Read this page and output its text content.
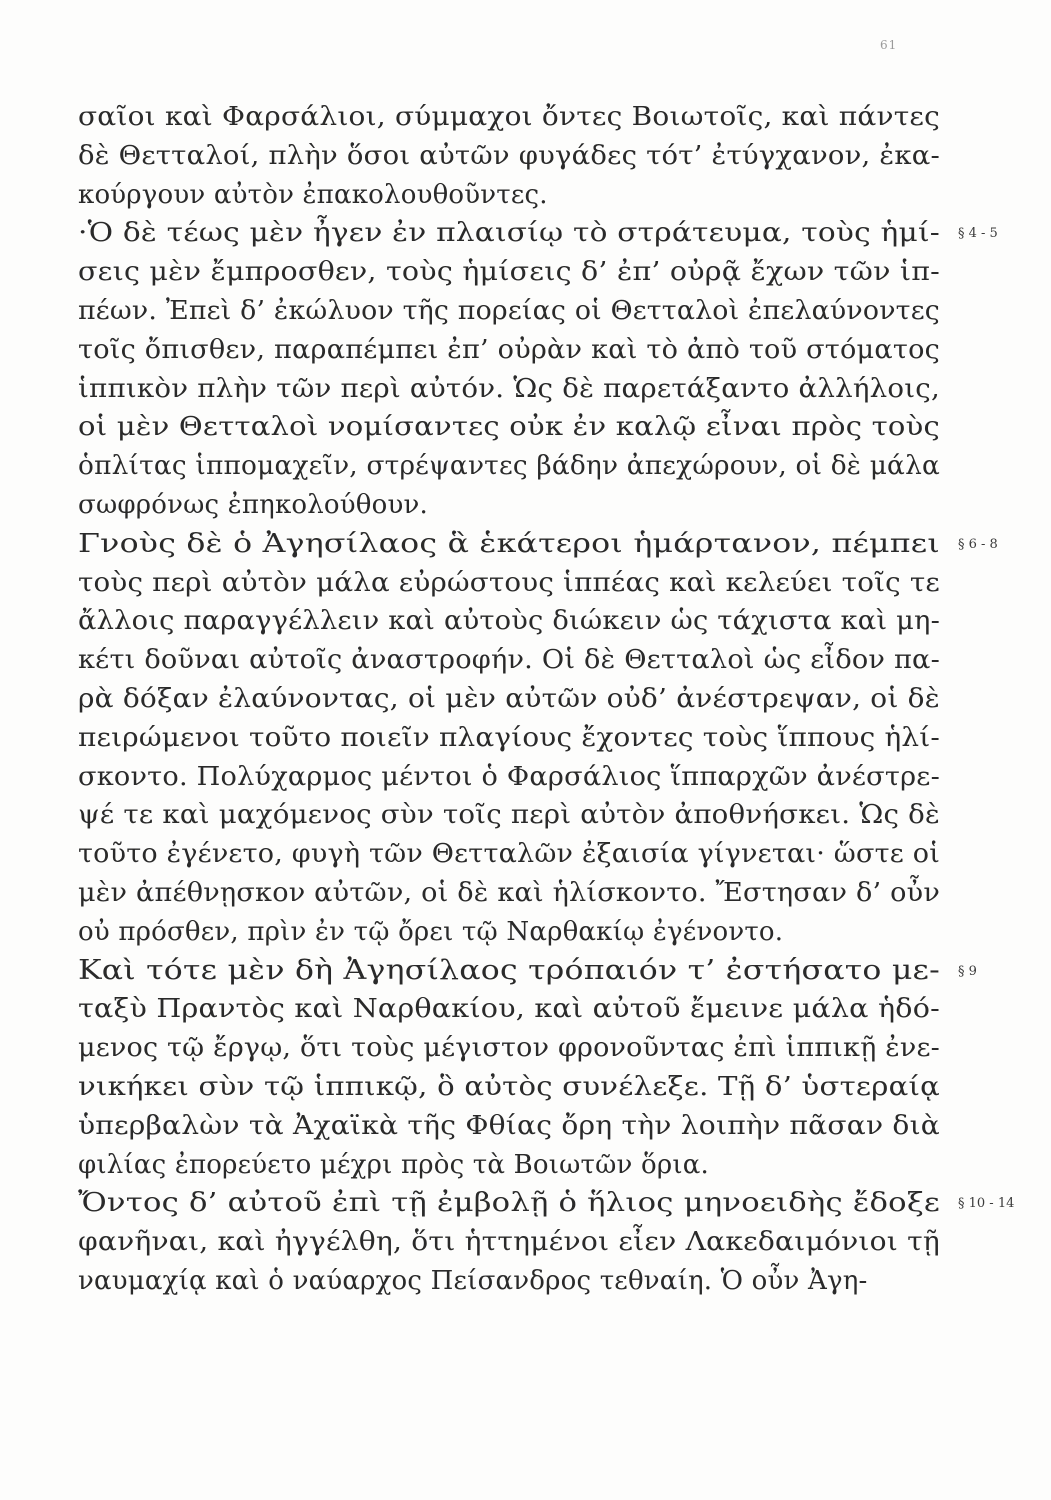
61
σαῖοι καὶ Φαρσάλιοι, σύμμαχοι ὄντες Βοιωτοῖς, καὶ πάντες
δὲ Θετταλοί, πλὴν ὅσοι αὐτῶν φυγάδες τότ’ ἐτύγχανον, ἐκα-
κούργουν αὐτὸν ἐπακολουθοῦντες.
·Ὁ δὲ τέως μὲν ἦγεν ἐν πλαισίῳ τὸ στράτευμα, τοὺς ἡμί-
σεις μὲν ἔμπροσθεν, τοὺς ἡμίσεις δ’ ἐπ’ οὐρᾷ ἔχων τῶν ἱπ-
πέων. Ἐπεὶ δ’ ἐκώλυον τῆς πορείας οἱ Θετταλοὶ ἐπελαύνοντες
τοῖς ὄπισθεν, παραπέμπει ἐπ’ οὐρὰν καὶ τὸ ἀπὸ τοῦ στόματος
ἱππικὸν πλὴν τῶν περὶ αὐτόν. Ὡς δὲ παρετάξαντο ἀλλήλοις,
οἱ μὲν Θετταλοὶ νομίσαντες οὐκ ἐν καλῷ εἶναι πρὸς τοὺς
ὁπλίτας ἱππομαχεῖν, στρέψαντες βάδην ἀπεχώρουν, οἱ δὲ μάλα
σωφρόνως ἐπηκολούθουν.
Γνοὺς δὲ ὁ Ἀγησίλαος ἃ ἑκάτεροι ἡμάρτανον, πέμπει
τοὺς περὶ αὐτὸν μάλα εὐρώστους ἱππέας καὶ κελεύει τοῖς τε
ἄλλοις παραγγέλλειν καὶ αὐτοὺς διώκειν ὡς τάχιστα καὶ μη-
κέτι δοῦναι αὐτοῖς ἀναστροφήν. Οἱ δὲ Θετταλοὶ ὡς εἶδον πα-
ρὰ δόξαν ἐλαύνοντας, οἱ μὲν αὐτῶν οὐδ’ ἀνέστρεψαν, οἱ δὲ
πειρώμενοι τοῦτο ποιεῖν πλαγίους ἔχοντες τοὺς ἵππους ἡλί-
σκοντο. Πολύχαρμος μέντοι ὁ Φαρσάλιος ἵππαρχῶν ἀνέστρε-
ψέ τε καὶ μαχόμενος σὺν τοῖς περὶ αὐτὸν ἀποθνήσκει. Ὡς δὲ
τοῦτο ἐγένετο, φυγὴ τῶν Θετταλῶν ἐξαισία γίγνεται· ὥστε οἱ
μὲν ἀπέθνῃσκον αὐτῶν, οἱ δὲ καὶ ἡλίσκοντο. Ἔστησαν δ’ οὖν
οὐ πρόσθεν, πρὶν ἐν τῷ ὄρει τῷ Ναρθακίῳ ἐγένοντο.
Καὶ τότε μὲν δὴ Ἀγησίλαος τρόπαιόν τ’ ἐστήσατο με-
ταξὺ Πραντὸς καὶ Ναρθακίου, καὶ αὐτοῦ ἔμεινε μάλα ἡδό-
μενος τῷ ἔργῳ, ὅτι τοὺς μέγιστον φρονοῦντας ἐπὶ ἱππικῇ ἐνε-
νικήκει σὺν τῷ ἱππικῷ, ὃ αὐτὸς συνέλεξε. Τῇ δ’ ὑστεραίᾳ
ὑπερβαλὼν τὰ Ἀχαϊκὰ τῆς Φθίας ὄρη τὴν λοιπὴν πᾶσαν διὰ
φιλίας ἐπορεύετο μέχρι πρὸς τὰ Βοιωτῶν ὅρια.
Ὄντος δ’ αὐτοῦ ἐπὶ τῇ ἐμβολῇ ὁ ἥλιος μηνοειδὴς ἔδοξε
φανῆναι, καὶ ἠγγέλθη, ὅτι ἡττημένοι εἶεν Λακεδαιμόνιοι τῇ
ναυμαχίᾳ καὶ ὁ ναύαρχος Πείσανδρος τεθναίη. Ὁ οὖν Ἀγη-
§ 4 - 5
§ 6 - 8
§ 9
§ 10 - 14
